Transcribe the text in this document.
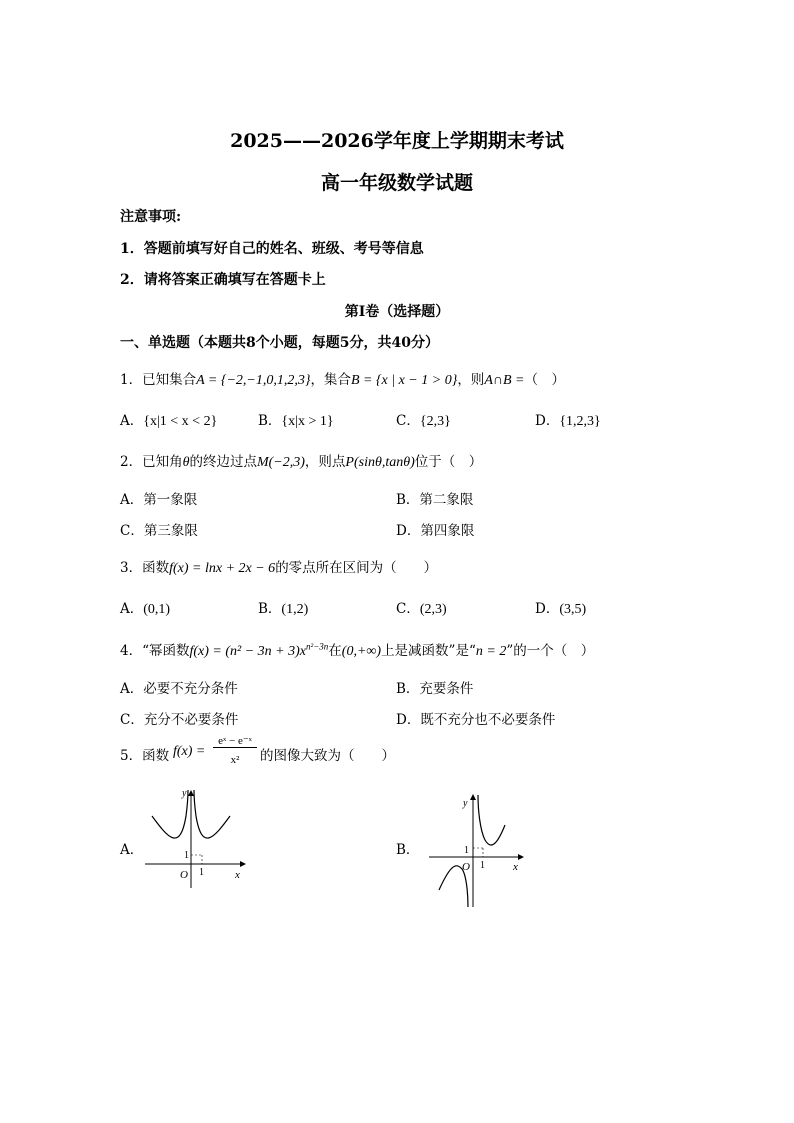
2025——2026学年度上学期期末考试
高一年级数学试题
注意事项:
1．答题前填写好自己的姓名、班级、考号等信息
2．请将答案正确填写在答题卡上
第I卷（选择题）
一、单选题（本题共8个小题，每题5分，共40分）
1．已知集合A = {−2,−1,0,1,2,3}，集合B = {x | x − 1 > 0}，则A∩B =（　）
A．{x|1 < x < 2}	B．{x|x > 1}	C．{2,3}	D．{1,2,3}
2．已知角θ的终边过点M(−2,3)，则点P(sinθ,tanθ)位于（　）
A．第一象限	B．第二象限
C．第三象限	D．第四象限
3．函数f(x) = lnx + 2x − 6的零点所在区间为（　　）
A．(0,1)	B．(1,2)	C．(2,3)	D．(3,5)
4．“幂函数$f(x) = (n^2 - 3n + 3)x^{n^2-3n}$在(0,+∞)上是减函数”是“n = 2”的一个（　）
A．必要不充分条件	B．充要条件
C．充分不必要条件	D．既不充分也不必要条件
5．函数 f(x) =
eˣ − e⁻ˣ
x²	的图像大致为（　　）
A．
y
x
O 1
1	B．
y
x
O 1
1
